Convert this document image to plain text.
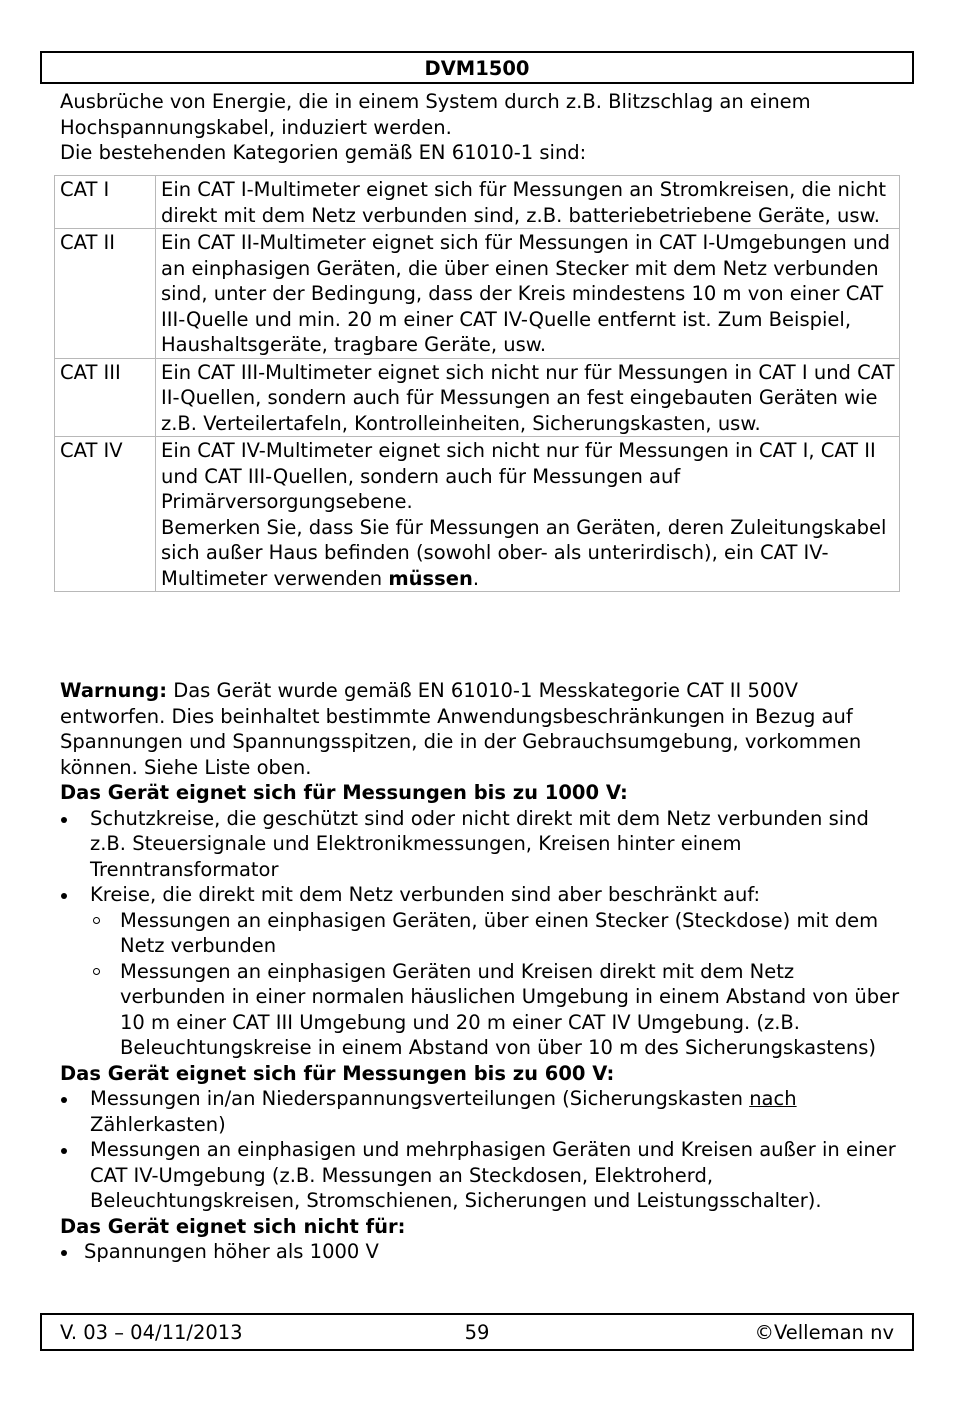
DVM1500

Ausbrüche von Energie, die in einem System durch z.B. Blitzschlag an einem Hochspannungskabel, induziert werden.

Die bestehenden Kategorien gemäß EN 61010-1 sind:

CAT I	Ein CAT I-Multimeter eignet sich für Messungen an Stromkreisen, die nicht direkt mit dem Netz verbunden sind, z.B. batteriebetriebene Geräte, usw.
CAT II	Ein CAT II-Multimeter eignet sich für Messungen in CAT I-Umgebungen und an einphasigen Geräten, die über einen Stecker mit dem Netz verbunden sind, unter der Bedingung, dass der Kreis mindestens 10 m von einer CAT III-Quelle und min. 20 m einer CAT IV-Quelle entfernt ist. Zum Beispiel, Haushaltsgeräte, tragbare Geräte, usw.
CAT III	Ein CAT III-Multimeter eignet sich nicht nur für Messungen in CAT I und CAT II-Quellen, sondern auch für Messungen an fest eingebauten Geräten wie z.B. Verteilertafeln, Kontrolleinheiten, Sicherungskasten, usw.
CAT IV	Ein CAT IV-Multimeter eignet sich nicht nur für Messungen in CAT I, CAT II und CAT III-Quellen, sondern auch für Messungen auf Primärversorgungsebene.
Bemerken Sie, dass Sie für Messungen an Geräten, deren Zuleitungskabel sich außer Haus befinden (sowohl ober- als unterirdisch), ein CAT IV-Multimeter verwenden müssen.

Warnung: Das Gerät wurde gemäß EN 61010-1 Messkategorie CAT II 500V entworfen. Dies beinhaltet bestimmte Anwendungsbeschränkungen in Bezug auf Spannungen und Spannungsspitzen, die in der Gebrauchsumgebung, vorkommen können. Siehe Liste oben.

Das Gerät eignet sich für Messungen bis zu 1000 V:

Schutzkreise, die geschützt sind oder nicht direkt mit dem Netz verbunden sind z.B. Steuersignale und Elektronikmessungen, Kreisen hinter einem Trenntransformator
Kreise, die direkt mit dem Netz verbunden sind aber beschränkt auf:
Messungen an einphasigen Geräten, über einen Stecker (Steckdose) mit dem Netz verbunden
Messungen an einphasigen Geräten und Kreisen direkt mit dem Netz verbunden in einer normalen häuslichen Umgebung in einem Abstand von über 10 m einer CAT III Umgebung und 20 m einer CAT IV Umgebung. (z.B. Beleuchtungskreise in einem Abstand von über 10 m des Sicherungskastens)

Das Gerät eignet sich für Messungen bis zu 600 V:

Messungen in/an Niederspannungsverteilungen (Sicherungskasten nach Zählerkasten)
Messungen an einphasigen und mehrphasigen Geräten und Kreisen außer in einer CAT IV-Umgebung (z.B. Messungen an Steckdosen, Elektroherd, Beleuchtungskreisen, Stromschienen, Sicherungen und Leistungsschalter).

Das Gerät eignet sich nicht für:

Spannungen höher als 1000 V
V. 03 – 04/11/2013	59	©Velleman nv
